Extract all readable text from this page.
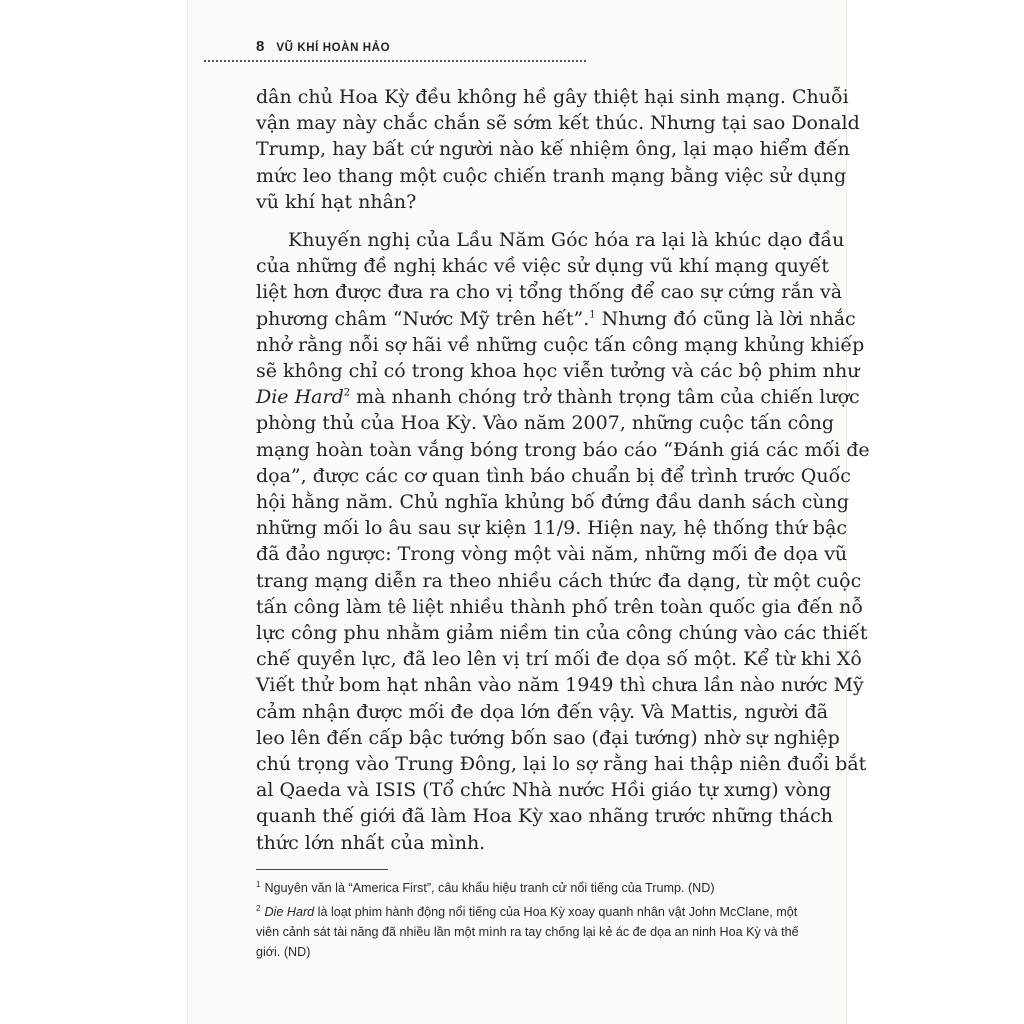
8 VŨ KHÍ HOÀN HẢO

dân chủ Hoa Kỳ đều không hề gây thiệt hại sinh mạng. Chuỗi
vận may này chắc chắn sẽ sớm kết thúc. Nhưng tại sao Donald
Trump, hay bất cứ người nào kế nhiệm ông, lại mạo hiểm đến
mức leo thang một cuộc chiến tranh mạng bằng việc sử dụng
vũ khí hạt nhân?

Khuyến nghị của Lầu Năm Góc hóa ra lại là khúc dạo đầu
của những đề nghị khác về việc sử dụng vũ khí mạng quyết
liệt hơn được đưa ra cho vị tổng thống để cao sự cứng rắn và
phương châm “Nước Mỹ trên hết”.$^1$ Nhưng đó cũng là lời nhắc
nhở rằng nỗi sợ hãi về những cuộc tấn công mạng khủng khiếp
sẽ không chỉ có trong khoa học viễn tưởng và các bộ phim như
Die Hard$^2$ mà nhanh chóng trở thành trọng tâm của chiến lược
phòng thủ của Hoa Kỳ. Vào năm 2007, những cuộc tấn công
mạng hoàn toàn vắng bóng trong báo cáo “Đánh giá các mối đe
dọa”, được các cơ quan tình báo chuẩn bị để trình trước Quốc
hội hằng năm. Chủ nghĩa khủng bố đứng đầu danh sách cùng
những mối lo âu sau sự kiện 11/9. Hiện nay, hệ thống thứ bậc
đã đảo ngược: Trong vòng một vài năm, những mối đe dọa vũ
trang mạng diễn ra theo nhiều cách thức đa dạng, từ một cuộc
tấn công làm tê liệt nhiều thành phố trên toàn quốc gia đến nỗ
lực công phu nhằm giảm niềm tin của công chúng vào các thiết
chế quyền lực, đã leo lên vị trí mối đe dọa số một. Kể từ khi Xô
Viết thử bom hạt nhân vào năm 1949 thì chưa lần nào nước Mỹ
cảm nhận được mối đe dọa lớn đến vậy. Và Mattis, người đã
leo lên đến cấp bậc tướng bốn sao (đại tướng) nhờ sự nghiệp
chú trọng vào Trung Đông, lại lo sợ rằng hai thập niên đuổi bắt
al Qaeda và ISIS (Tổ chức Nhà nước Hồi giáo tự xưng) vòng
quanh thế giới đã làm Hoa Kỳ xao nhãng trước những thách
thức lớn nhất của mình.

$^1$ Nguyên văn là “America First”, câu khẩu hiệu tranh cử nổi tiếng của Trump. (ND)

$^2$ Die Hard là loạt phim hành động nổi tiếng của Hoa Kỳ xoay quanh nhân vật John McClane, một viên cảnh sát tài năng đã nhiều lần một mình ra tay chống lại kẻ ác đe dọa an ninh Hoa Kỳ và thế giới. (ND)
